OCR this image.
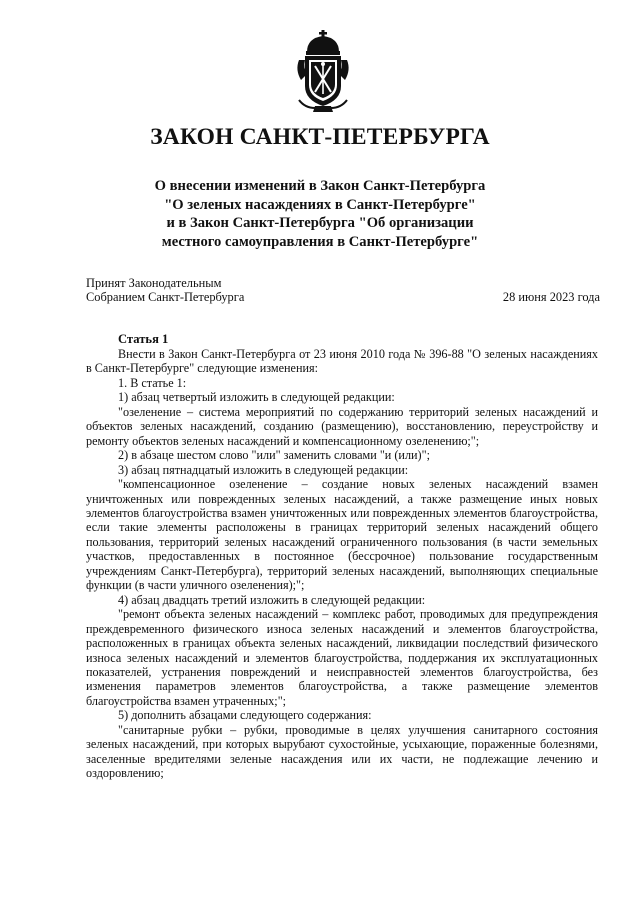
ЗАКОН САНКТ-ПЕТЕРБУРГА
О внесении изменений в Закон Санкт-Петербурга
"О зеленых насаждениях в Санкт-Петербурге"
и в Закон Санкт-Петербурга "Об организации
местного самоуправления в Санкт-Петербурге"
Принят Законодательным
Собранием Санкт-Петербурга	28 июня 2023 года
Статья 1

Внести в Закон Санкт-Петербурга от 23 июня 2010 года № 396-88 "О зеленых насаждениях в Санкт-Петербурге" следующие изменения:

1. В статье 1:

1) абзац четвертый изложить в следующей редакции:

"озеленение – система мероприятий по содержанию территорий зеленых насаждений и объектов зеленых насаждений, созданию (размещению), восстановлению, переустройству и ремонту объектов зеленых насаждений и компенсационному озеленению;";

2) в абзаце шестом слово "или" заменить словами "и (или)";

3) абзац пятнадцатый изложить в следующей редакции:

"компенсационное озеленение – создание новых зеленых насаждений взамен уничтоженных или поврежденных зеленых насаждений, а также размещение иных новых элементов благоустройства взамен уничтоженных или поврежденных элементов благоустройства, если такие элементы расположены в границах территорий зеленых насаждений общего пользования, территорий зеленых насаждений ограниченного пользования (в части земельных участков, предоставленных в постоянное (бессрочное) пользование государственным учреждениям Санкт-Петербурга), территорий зеленых насаждений, выполняющих специальные функции (в части уличного озеленения);";

4) абзац двадцать третий изложить в следующей редакции:

"ремонт объекта зеленых насаждений – комплекс работ, проводимых для предупреждения преждевременного физического износа зеленых насаждений и элементов благоустройства, расположенных в границах объекта зеленых насаждений, ликвидации последствий физического износа зеленых насаждений и элементов благоустройства, поддержания их эксплуатационных показателей, устранения повреждений и неисправностей элементов благоустройства, без изменения параметров элементов благоустройства, а также размещение элементов благоустройства взамен утраченных;";

5) дополнить абзацами следующего содержания:

"санитарные рубки – рубки, проводимые в целях улучшения санитарного состояния зеленых насаждений, при которых вырубают сухостойные, усыхающие, пораженные болезнями, заселенные вредителями зеленые насаждения или их части, не подлежащие лечению и оздоровлению;
